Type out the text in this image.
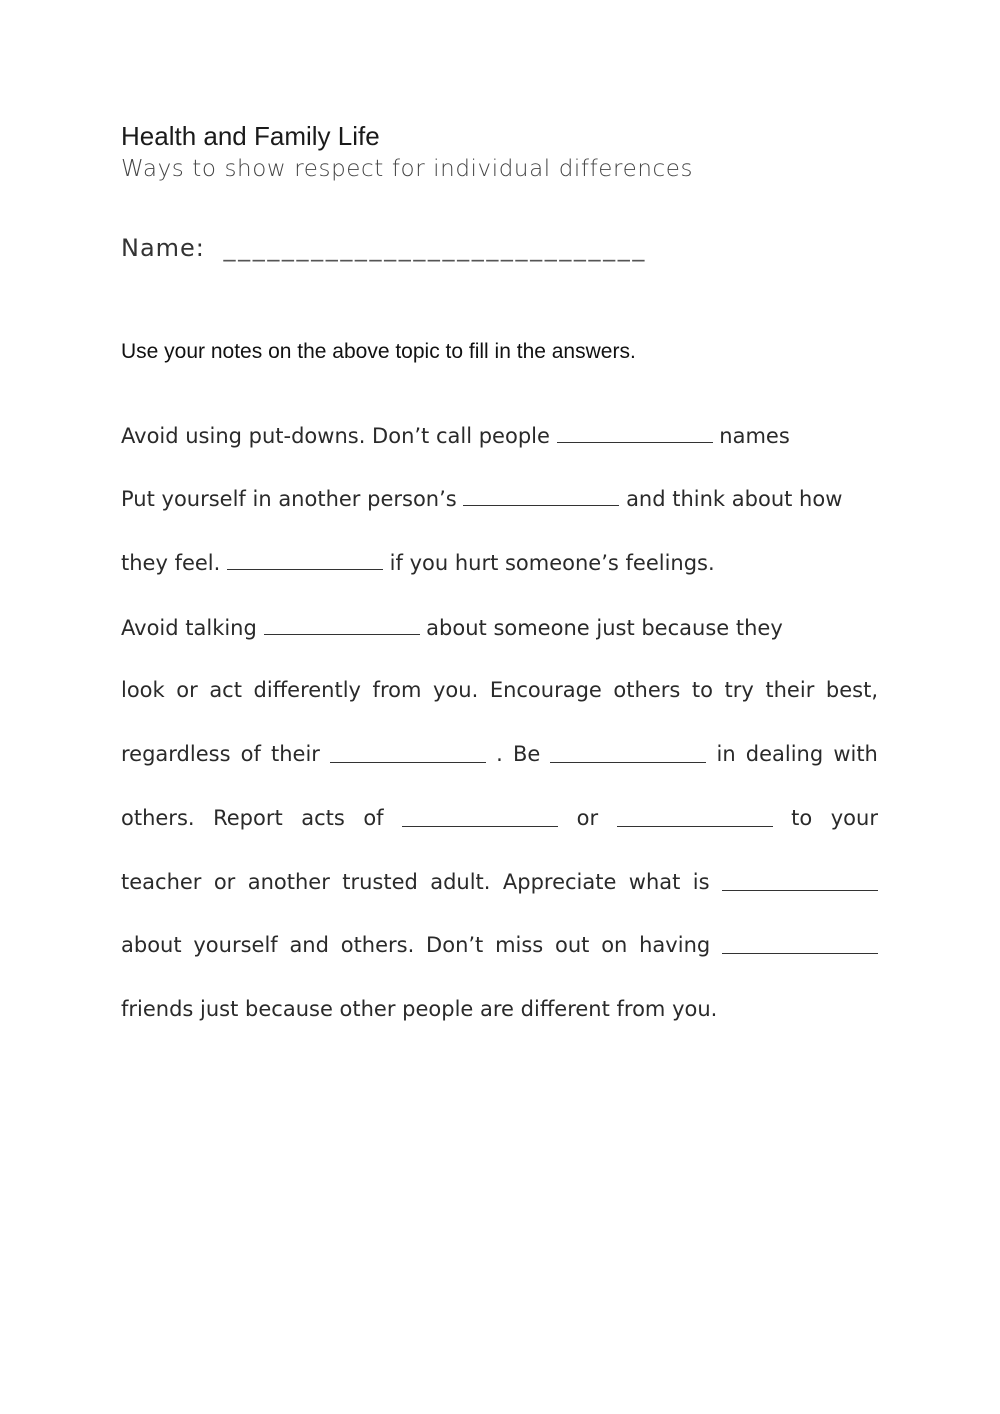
Health and Family Life
Ways to show respect for individual differences
Name: _____________________________
Use your notes on the above topic to fill in the answers.
Avoid using put-downs. Don’t call people	names
Put yourself in another person’s	and think about how
they feel.	if you hurt someone’s feelings.
Avoid talking	about someone just because they
look or act differently from you. Encourage others to try their best,
regardless of their	. Be	in dealing with
others. Report acts of	or	to your
teacher or another trusted adult. Appreciate what is
about yourself and others. Don’t miss out on having
friends just because other people are different from you.
